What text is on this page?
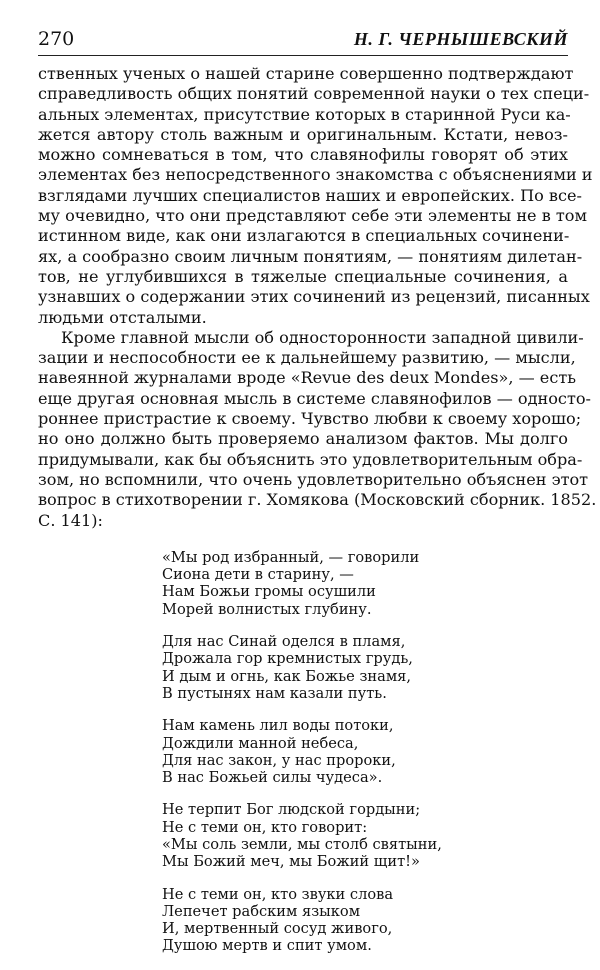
270	Н. Г. ЧЕРНЫШЕВСКИЙ
ственных ученых о нашей старине совершенно подтверждают
справедливость общих понятий современной науки о тех специ-
альных элементах, присутствие которых в старинной Руси ка-
жется автору столь важным и оригинальным. Кстати, невоз-
можно сомневаться в том, что славянофилы говорят об этих
элементах без непосредственного знакомства с объяснениями и
взглядами лучших специалистов наших и европейских. По все-
му очевидно, что они представляют себе эти элементы не в том
истинном виде, как они излагаются в специальных сочинени-
ях, а сообразно своим личным понятиям, — понятиям дилетан-
тов, не углубившихся в тяжелые специальные сочинения, а
узнавших о содержании этих сочинений из рецензий, писанных
людьми отсталыми.
Кроме главной мысли об односторонности западной цивили-
зации и неспособности ее к дальнейшему развитию, — мысли,
навеянной журналами вроде «Revue des deux Mondes», — есть
еще другая основная мысль в системе славянофилов — односто-
роннее пристрастие к своему. Чувство любви к своему хорошо;
но оно должно быть проверяемо анализом фактов. Мы долго
придумывали, как бы объяснить это удовлетворительным обра-
зом, но вспомнили, что очень удовлетворительно объяснен этот
вопрос в стихотворении г. Хомякова (Московский сборник. 1852.
С. 141):
«Мы род избранный, — говорили
Сиона дети в старину, —
Нам Божьи громы осушили
Морей волнистых глубину.
Для нас Синай оделся в пламя,
Дрожала гор кремнистых грудь,
И дым и огнь, как Божье знамя,
В пустынях нам казали путь.
Нам камень лил воды потоки,
Дождили манной небеса,
Для нас закон, у нас пророки,
В нас Божьей силы чудеса».
Не терпит Бог людской гордыни;
Не с теми он, кто говорит:
«Мы соль земли, мы столб святыни,
Мы Божий меч, мы Божий щит!»
Не с теми он, кто звуки слова
Лепечет рабским языком
И, мертвенный сосуд живого,
Душою мертв и спит умом.
